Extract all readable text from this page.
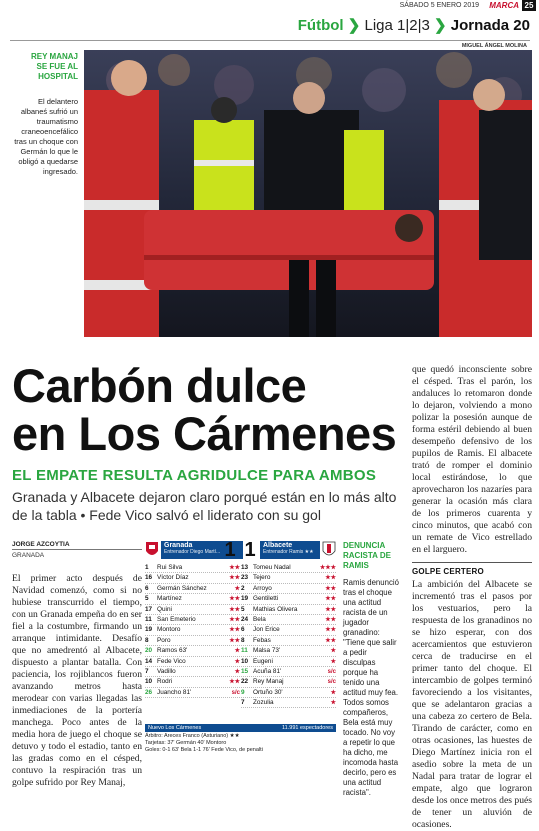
SÁBADO 5 ENERO 2019 MARCA 25
Fútbol ❯ Liga 1|2|3 ❯ Jornada 20
MIGUEL ÁNGEL MOLINA
REY MANAJ SE FUE AL HOSPITAL
El delantero albaneś sufrió un traumatismo craneoencefálico tras un choque con Germán lo que le obligó a quedarse ingresado.
Carbón dulce
en Los Cármenes
EL EMPATE RESULTA AGRIDULCE PARA AMBOS
Granada y Albacete dejaron claro porqué están en lo más alto de la tabla • Fede Vico salvó el liderato con su gol
JORGE AZCOYTIA
GRANADA
El primer acto después de Navidad comenzó, como si no hubiese transcurrido el tiempo, con un Granada empeña do en ser fiel a la costumbre, firmando un arranque intimidante. Desafío que no amedrentó al Albacete, dispuesto a plantar batalla. Con paciencia, los rojiblancos fueron avanzando metros hasta merodear con varias llegadas las inmediaciones de la portería manchega. Poco antes de la media hora de juego el choque se detuvo y todo el estadio, tanto en las gradas como en el césped, contuvo la respiración tras un golpe sufrido por Rey Manaj,
Granada
Entrenador Diego Martí... 1 1	Albacete
Entrenador Ramis ★★
1	Rui Silva	★★
16 Víctor Díaz	★★
6	Germán Sánchez	★
5	Martínez	★★
17 Quini	★★
11 San Emeterio	★★
19 Montoro	★★
8	Poro	★★
20 Ramos 63'	★
14 Fede Vico	★
7	Vadillo	★
10 Rodri	★★
26 Juancho 81'	s/c
13 Tomeu Nadal	★★★
23 Tejero	★★
2	Arroyo	★★
19 Gentiletti	★★
5	Mathias Olivera	★★
24 Bela	★★
6	Jon Erice	★★
8	Febas	★★
11 Malsa 73'	★
10 Eugeni	★
15 Acuña 81'	s/c
22 Rey Manaj	s/c
9	Ortuño 30'	★
7	Zozulia	★
Nuevo Los Cármenes	11.991 espectadores
Árbitro: Areces Franco (Asturiano) ★★
Tarjetas: 37' Germán 40' Montoro
Goles: 0-1 63' Bela 1-1 76' Fede Vico, de penalti
DENUNCIA RACISTA DE RAMIS
Ramis denunció tras el choque una actitud racista de un jugador granadino: "Tiene que salir a pedir disculpas porque ha tenido una actitud muy fea. Todos somos compañeros, Bela está muy tocado. No voy a repetir lo que ha dicho, me incomoda hasta decirlo, pero es una actitud racista".

que quedó inconsciente sobre el césped. Tras el parón, los andaluces lo retomaron donde lo dejaron, volviendo a mono polizar la posesión aunque de forma estéril debiendo al buen desempeño defensivo de los pupilos de Ramis. El albacete trató de romper el dominio local estirándose, lo que aprovecharon los nazaríes para generar la ocasión más clara de los primeros cuarenta y cinco minutos, que acabó con un remate de Vico estrellado en el larguero.

GOLPE CERTERO

La ambición del Albacete se incrementó tras el pasos por los vestuarios, pero la respuesta de los granadinos no se hizo esperar, con dos acercamientos que estuvieron cerca de traducirse en el primer tanto del choque. El intercambio de golpes terminó favoreciendo a los visitantes, que se adelantaron gracias a una cabeza zo certero de Bela. Tirando de carácter, como en otras ocasiones, las huestes de Diego Martínez inicia ron el asedio sobre la meta de un Nadal para tratar de lograr el empate, algo que lograron desde los once metros des pués de tener un aluvión de ocasiones.
